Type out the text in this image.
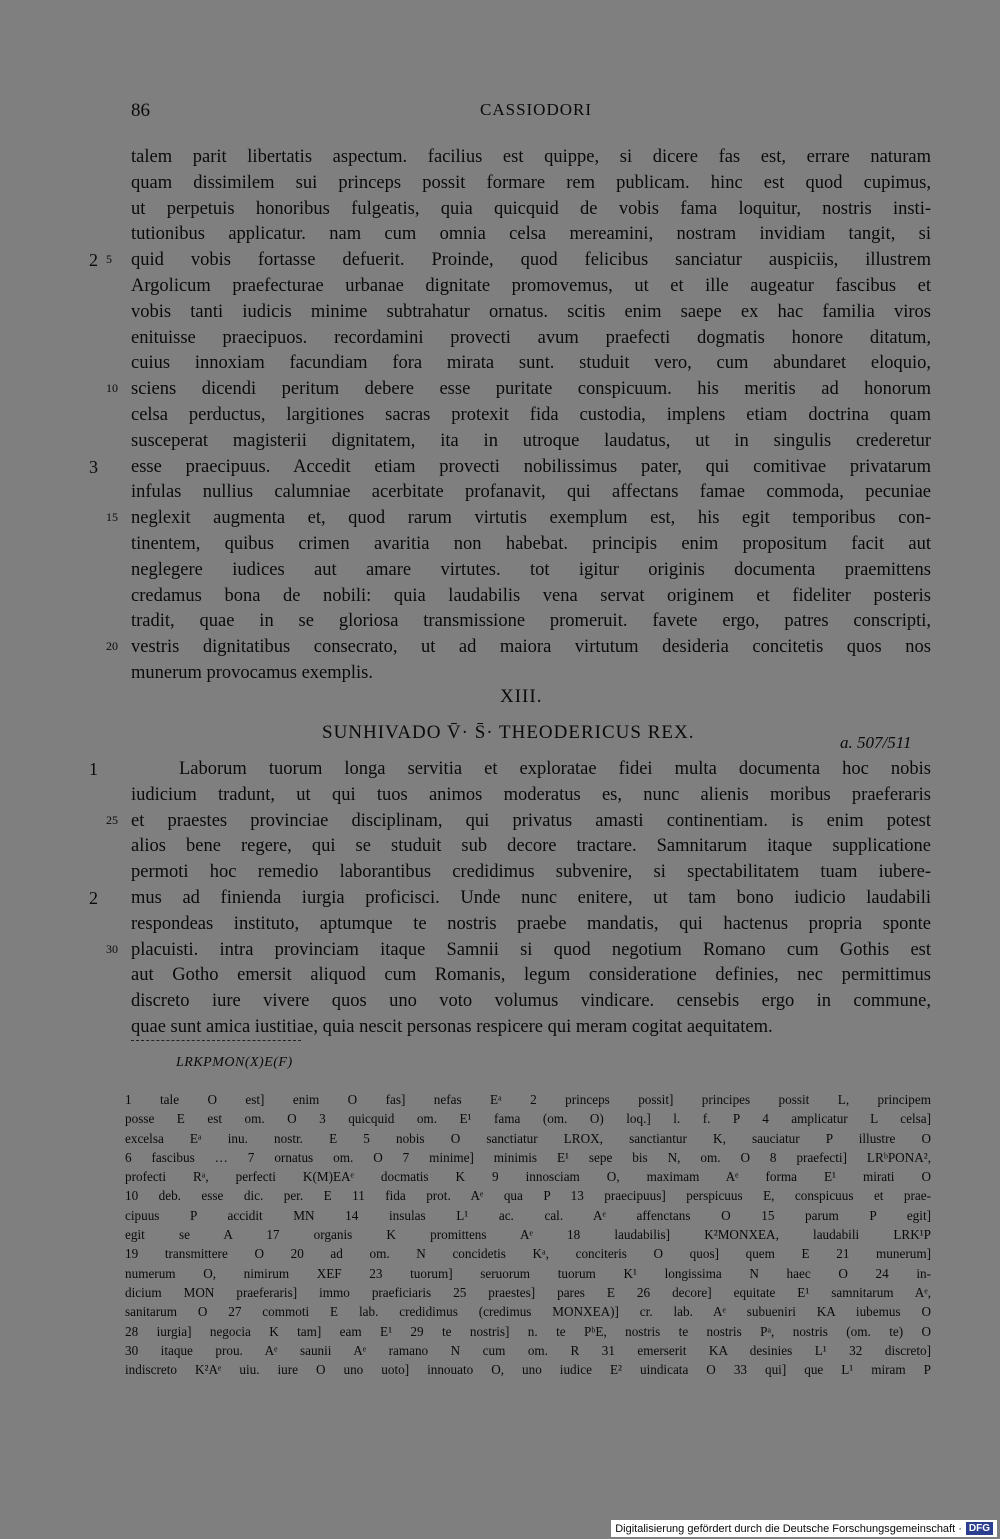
86	CASSIODORI
talem parit libertatis aspectum. facilius est quippe, si dicere fas est, errare naturam
quam dissimilem sui princeps possit formare rem publicam. hinc est quod cupimus,
ut perpetuis honoribus fulgeatis, quia quicquid de vobis fama loquitur, nostris insti-
tutionibus applicatur. nam cum omnia celsa mereamini, nostram invidiam tangit, si
2 5 quid vobis fortasse defuerit. Proinde, quod felicibus sanciatur auspiciis, illustrem
Argolicum praefecturae urbanae dignitate promovemus, ut et ille augeatur fascibus et
vobis tanti iudicis minime subtrahatur ornatus. scitis enim saepe ex hac familia viros
enituisse praecipuos. recordamini provecti avum praefecti dogmatis honore ditatum,
cuius innoxiam facundiam fora mirata sunt. studuit vero, cum abundaret eloquio,
10 sciens dicendi peritum debere esse puritate conspicuum. his meritis ad honorum
celsa perductus, largitiones sacras protexit fida custodia, implens etiam doctrina quam
susceperat magisterii dignitatem, ita in utroque laudatus, ut in singulis crederetur
3 esse praecipuus. Accedit etiam provecti nobilissimus pater, qui comitivae privatarum
infulas nullius calumniae acerbitate profanavit, qui affectans famae commoda, pecuniae
15 neglexit augmenta et, quod rarum virtutis exemplum est, his egit temporibus con-
tinentem, quibus crimen avaritia non habebat. principis enim propositum facit aut
neglegere iudices aut amare virtutes. tot igitur originis documenta praemittens
credamus bona de nobili: quia laudabilis vena servat originem et fideliter posteris
tradit, quae in se gloriosa transmissione promeruit. favete ergo, patres conscripti,
20 vestris dignitatibus consecrato, ut ad maiora virtutum desideria concitetis quos nos
munerum provocamus exemplis.
XIII.
SUNHIVADO V̄· S̄· THEODERICUS REX.	a. 507/511
1	Laborum tuorum longa servitia et exploratae fidei multa documenta hoc nobis
iudicium tradunt, ut qui tuos animos moderatus es, nunc alienis moribus praeferaris
25 et praestes provinciae disciplinam, qui privatus amasti continentiam. is enim potest
alios bene regere, qui se studuit sub decore tractare. Samnitarum itaque supplicatione
permoti hoc remedio laborantibus credidimus subvenire, si spectabilitatem tuam iubere-
2 mus ad finienda iurgia proficisci. Unde nunc enitere, ut tam bono iudicio laudabili
respondeas instituto, aptumque te nostris praebe mandatis, qui hactenus propria sponte
30 placuisti. intra provinciam itaque Samnii si quod negotium Romano cum Gothis est
aut Gotho emersit aliquod cum Romanis, legum consideratione definies, nec permittimus
discreto iure vivere quos uno voto volumus vindicare. censebis ergo in commune,
quae sunt amica iustitiae, quia nescit personas respicere qui meram cogitat aequitatem.
LRKPMON(X)E(F)
1 tale O est] enim O fas] nefas Eᵃ 2 princeps possit] principes possit L, principem
posse E est om. O 3 quicquid om. E¹ fama (om. O) loq.] l. f. P 4 amplicatur L celsa]
excelsa Eᵃ inu. nostr. E 5 nobis O sanctiatur LROX, sanctiantur K, sauciatur P illustre O
6 fascibus … 7 ornatus om. O 7 minime] minimis E¹ sepe bis N, om. O 8 praefecti] LRᵇPONA²,
profecti Rᵃ, perfecti K(M)EAᵉ docmatis K 9 innosciam O, maximam Aᵉ forma E¹ mirati O
10 deb. esse dic. per. E 11 fida prot. Aᵉ qua P 13 praecipuus] perspicuus E, conspicuus et prae-
cipuus P accidit MN 14 insulas L¹ ac. cal. Aᵉ affenctans O 15 parum P egit]
egit se A 17 organis K promittens Aᵉ 18 laudabilis] K²MONXEA, laudabili LRK¹P
19 transmittere O 20 ad om. N concidetis Kᵃ, conciteris O quos] quem E 21 munerum]
numerum O, nimirum XEF 23 tuorum] seruorum tuorum K¹ longissima N haec O 24 in-
dicium MON praeferaris] immo praeficiaris 25 praestes] pares E 26 decore] equitate E¹ samnitarum Aᵉ,
sanitarum O 27 commoti E lab. credidimus (credimus MONXEA)] cr. lab. Aᵉ subueniri KA iubemus O
28 iurgia] negocia K tam] eam E¹ 29 te nostris] n. te PᵇE, nostris te nostris Pᵃ, nostris (om. te) O
30 itaque prou. Aᵉ saunii Aᵉ ramano N cum om. R 31 emerserit KA desinies L¹ 32 discreto]
indiscreto K²Aᵉ uiu. iure O uno uoto] innouato O, uno iudice E² uindicata O 33 qui] que L¹ miram P
Digitalisierung gefördert durch die Deutsche Forschungsgemeinschaft · DFG
